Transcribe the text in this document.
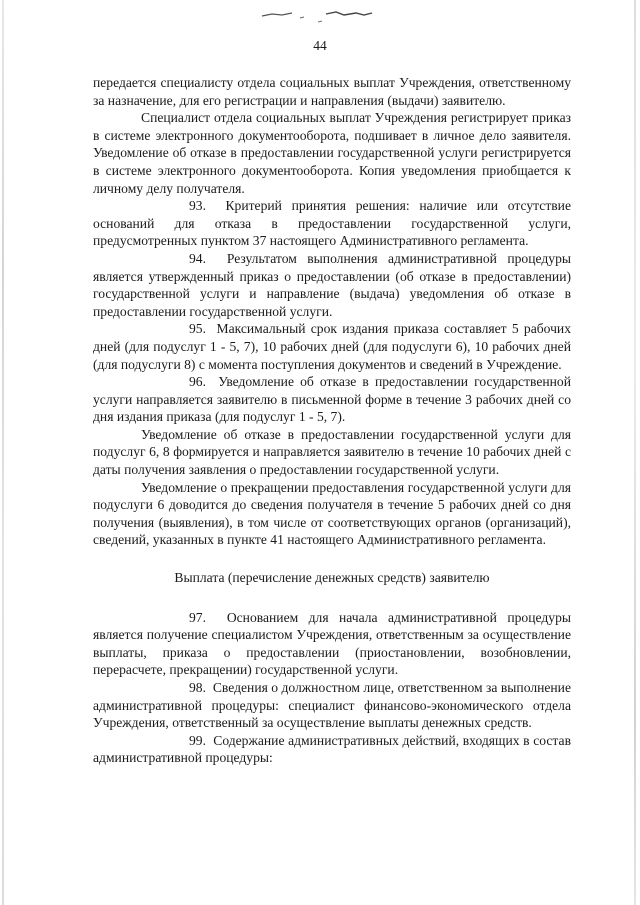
44

передается специалисту отдела социальных выплат Учреждения, ответственному за назначение, для его регистрации и направления (выдачи) заявителю.

Специалист отдела социальных выплат Учреждения регистрирует приказ в системе электронного документооборота, подшивает в личное дело заявителя. Уведомление об отказе в предоставлении государственной услуги регистрируется в системе электронного документооборота. Копия уведомления приобщается к личному делу получателя.

93. Критерий принятия решения: наличие или отсутствие оснований для отказа в предоставлении государственной услуги, предусмотренных пунктом 37 настоящего Административного регламента.

94. Результатом выполнения административной процедуры является утвержденный приказ о предоставлении (об отказе в предоставлении) государственной услуги и направление (выдача) уведомления об отказе в предоставлении государственной услуги.

95. Максимальный срок издания приказа составляет 5 рабочих дней (для подуслуг 1 - 5, 7), 10 рабочих дней (для подуслуги 6), 10 рабочих дней (для подуслуги 8) с момента поступления документов и сведений в Учреждение.

96. Уведомление об отказе в предоставлении государственной услуги направляется заявителю в письменной форме в течение 3 рабочих дней со дня издания приказа (для подуслуг 1 - 5, 7).

Уведомление об отказе в предоставлении государственной услуги для подуслуг 6, 8 формируется и направляется заявителю в течение 10 рабочих дней с даты получения заявления о предоставлении государственной услуги.

Уведомление о прекращении предоставления государственной услуги для подуслуги 6 доводится до сведения получателя в течение 5 рабочих дней со дня получения (выявления), в том числе от соответствующих органов (организаций), сведений, указанных в пункте 41 настоящего Административного регламента.

Выплата (перечисление денежных средств) заявителю

97. Основанием для начала административной процедуры является получение специалистом Учреждения, ответственным за осуществление выплаты, приказа о предоставлении (приостановлении, возобновлении, перерасчете, прекращении) государственной услуги.

98. Сведения о должностном лице, ответственном за выполнение административной процедуры: специалист финансово-экономического отдела Учреждения, ответственный за осуществление выплаты денежных средств.

99. Содержание административных действий, входящих в состав административной процедуры:
